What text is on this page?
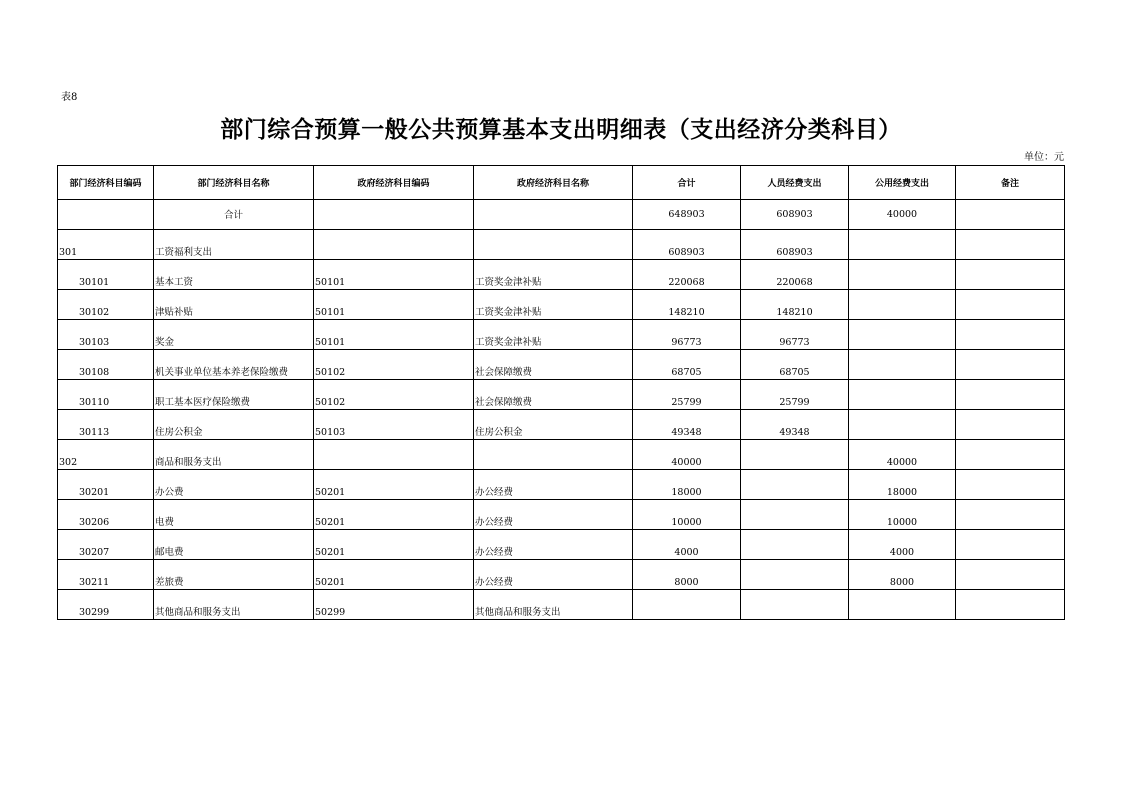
表8
部门综合预算一般公共预算基本支出明细表（支出经济分类科目）
单位：元
部门经济科目编码	部门经济科目名称	政府经济科目编码	政府经济科目名称	合计	人员经费支出	公用经费支出	备注
	合计			648903	608903	40000	
301	工资福利支出			608903	608903		
30101	基本工资	50101	工资奖金津补贴	220068	220068		
30102	津贴补贴	50101	工资奖金津补贴	148210	148210		
30103	奖金	50101	工资奖金津补贴	96773	96773		
30108	机关事业单位基本养老保险缴费	50102	社会保障缴费	68705	68705		
30110	职工基本医疗保险缴费	50102	社会保障缴费	25799	25799		
30113	住房公积金	50103	住房公积金	49348	49348		
302	商品和服务支出			40000		40000	
30201	办公费	50201	办公经费	18000		18000	
30206	电费	50201	办公经费	10000		10000	
30207	邮电费	50201	办公经费	4000		4000	
30211	差旅费	50201	办公经费	8000		8000	
30299	其他商品和服务支出	50299	其他商品和服务支出				
